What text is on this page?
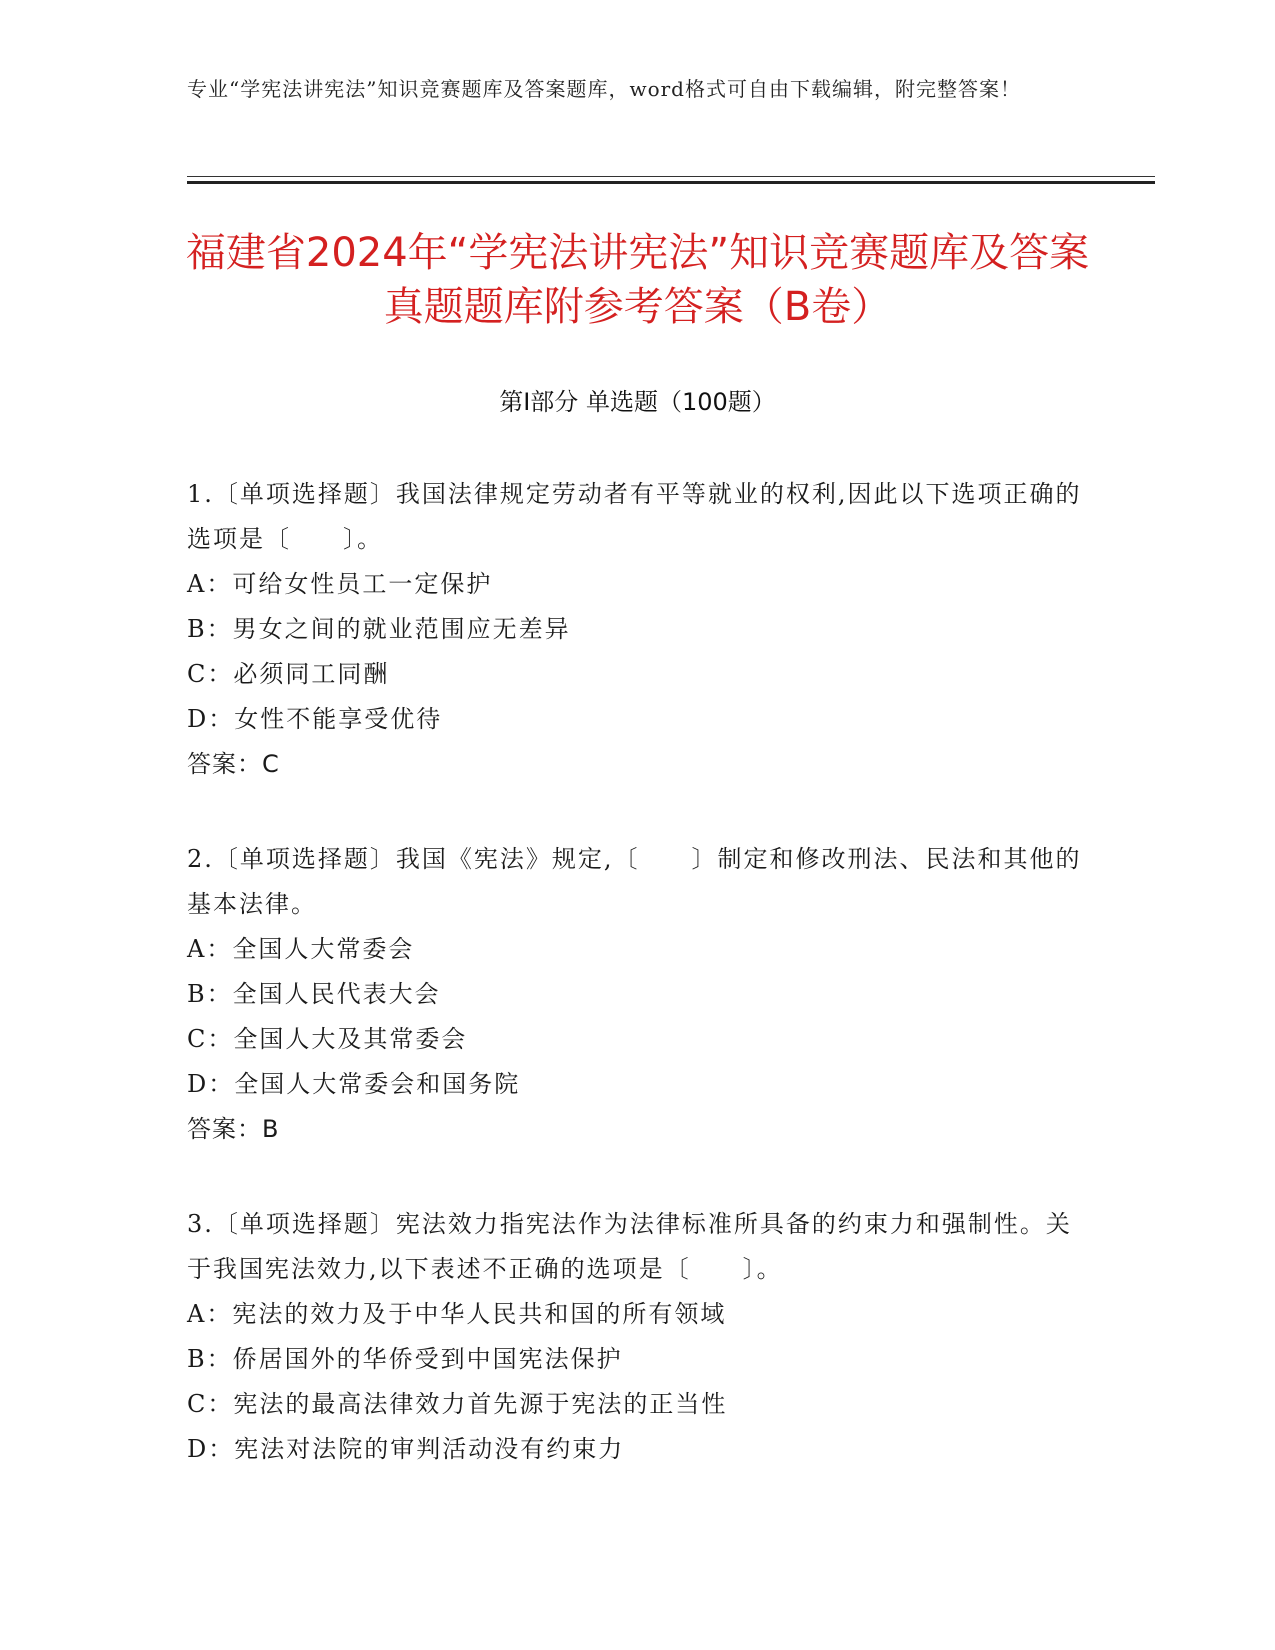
专业“学宪法讲宪法”知识竞赛题库及答案题库，word格式可自由下载编辑，附完整答案！
福建省2024年“学宪法讲宪法”知识竞赛题库及答案真题题库附参考答案（B卷）
第Ⅰ部分 单选题（100题）

1.〔单项选择题〕我国法律规定劳动者有平等就业的权利,因此以下选项正确的选项是〔　　〕。

A：可给女性员工一定保护

B：男女之间的就业范围应无差异

C：必须同工同酬

D：女性不能享受优待

答案：C

2.〔单项选择题〕我国《宪法》规定,〔　　〕制定和修改刑法、民法和其他的基本法律。

A：全国人大常委会

B：全国人民代表大会

C：全国人大及其常委会

D：全国人大常委会和国务院

答案：B

3.〔单项选择题〕宪法效力指宪法作为法律标准所具备的约束力和强制性。关于我国宪法效力,以下表述不正确的选项是〔　　〕。

A：宪法的效力及于中华人民共和国的所有领域

B：侨居国外的华侨受到中国宪法保护

C：宪法的最高法律效力首先源于宪法的正当性

D：宪法对法院的审判活动没有约束力
